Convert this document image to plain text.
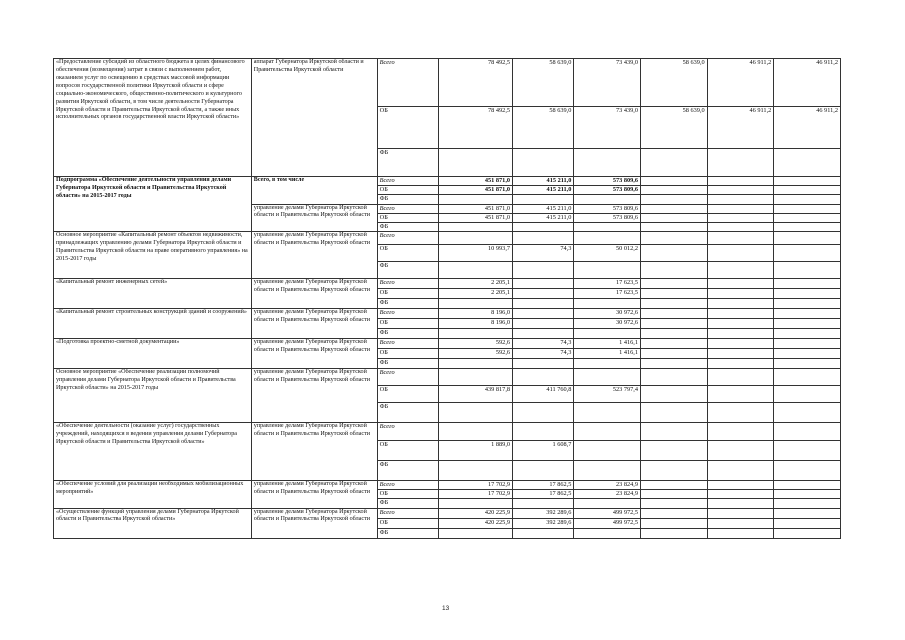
«Предоставление субсидий из областного бюджета в целях финансового обеспечения (возмещения) затрат в связи с выполнением работ, оказанием услуг по освещению в средствах массовой информации вопросов государственной политики Иркутской области и сфере социально-экономического, общественно-политического и культурного развития Иркутской области, в том числе деятельности Губернатора Иркутской области и Правительства Иркутской области, а также иных исполнительных органов государственной власти Иркутской области»	аппарат Губернатора Иркутской области и Правительства Иркутской области	Всего	78 492,5	58 639,0	73 439,0	58 639,0	46 911,2	46 911,2
		ОБ	78 492,5	58 639,0	73 439,0	58 639,0	46 911,2	46 911,2
		ФБ						
Подпрограмма «Обеспечение деятельности управления делами Губернатора Иркутской области и Правительства Иркутской области» на 2015-2017 годы	Всего, в том числе	Всего	451 871,0	415 211,0	573 809,6			
		ОБ	451 871,0	415 211,0	573 809,6			
		ФБ						
	управление делами Губернатора Иркутской области и Правительства Иркутской области	Всего	451 871,0	415 211,0	573 809,6			
		ОБ	451 871,0	415 211,0	573 809,6			
		ФБ						
Основное мероприятие «Капитальный ремонт объектов недвижимости, принадлежащих управлению делами Губернатора Иркутской области и Правительства Иркутской области на праве оперативного управления» на 2015-2017 годы	управление делами Губернатора Иркутской области и Правительства Иркутской области	Всего						
		ОБ	10 993,7	74,3	50 012,2			
		ФБ						
«Капитальный ремонт инженерных сетей»	управление делами Губернатора Иркутской области и Правительства Иркутской области	Всего	2 205,1		17 623,5			
		ОБ	2 205,1		17 623,5			
		ФБ						
«Капитальный ремонт строительных конструкций зданий и сооружений»	управление делами Губернатора Иркутской области и Правительства Иркутской области	Всего	8 196,0		30 972,6			
		ОБ	8 196,0		30 972,6			
		ФБ						
«Подготовка проектно-сметной документации»	управление делами Губернатора Иркутской области и Правительства Иркутской области	Всего	592,6	74,3	1 416,1			
		ОБ	592,6	74,3	1 416,1			
		ФБ						
Основное мероприятие «Обеспечение реализации полномочий управления делами Губернатора Иркутской области и Правительства Иркутской области» на 2015-2017 годы	управление делами Губернатора Иркутской области и Правительства Иркутской области	Всего						
		ОБ	439 817,8	411 760,8	523 797,4			
		ФБ						
«Обеспечение деятельности (оказание услуг) государственных учреждений, находящихся в ведении управления делами Губернатора Иркутской области и Правительства Иркутской области»	управление делами Губернатора Иркутской области и Правительства Иркутской области	Всего						
		ОБ	1 889,0	1 608,7				
		ФБ						
«Обеспечение условий для реализации необходимых мобилизационных мероприятий»	управление делами Губернатора Иркутской области и Правительства Иркутской области	Всего	17 702,9	17 862,5	23 824,9			
		ОБ	17 702,9	17 862,5	23 824,9			
		ФБ						
«Осуществление функций управления делами Губернатора Иркутской области и Правительства Иркутской области»	управление делами Губернатора Иркутской области и Правительства Иркутской области	Всего	420 225,9	392 289,6	499 972,5			
		ОБ	420 225,9	392 289,6	499 972,5			
		ФБ						
13
